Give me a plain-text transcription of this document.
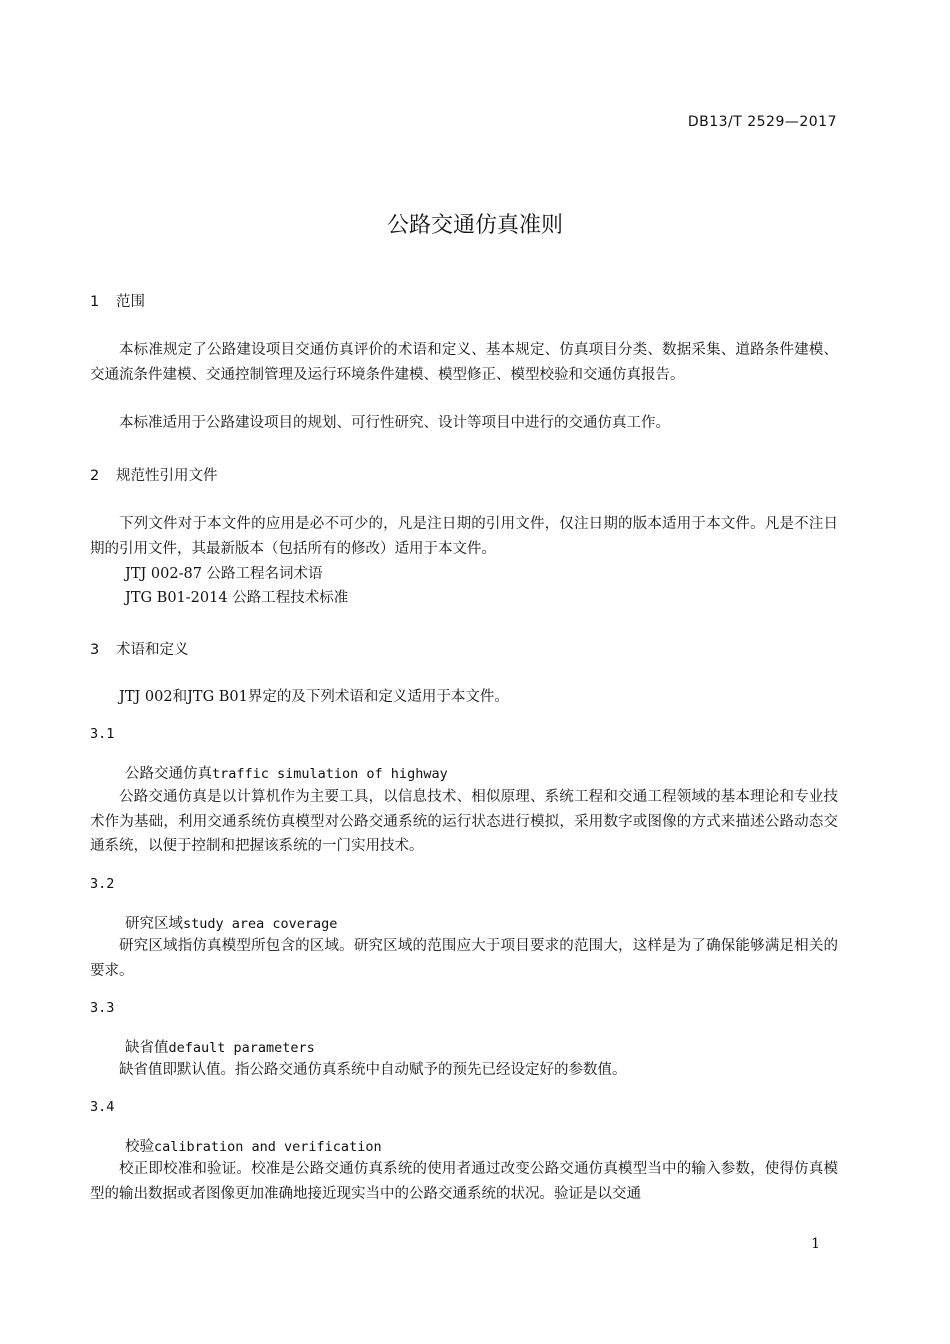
DB13/T 2529—2017
公路交通仿真准则
1 范围

本标准规定了公路建设项目交通仿真评价的术语和定义、基本规定、仿真项目分类、数据采集、道路条件建模、交通流条件建模、交通控制管理及运行环境条件建模、模型修正、模型校验和交通仿真报告。

本标准适用于公路建设项目的规划、可行性研究、设计等项目中进行的交通仿真工作。

2 规范性引用文件

下列文件对于本文件的应用是必不可少的，凡是注日期的引用文件，仅注日期的版本适用于本文件。凡是不注日期的引用文件，其最新版本（包括所有的修改）适用于本文件。

JTJ 002-87 公路工程名词术语
JTG B01-2014 公路工程技术标准
3 术语和定义

JTJ 002和JTG B01界定的及下列术语和定义适用于本文件。

3.1
公路交通仿真traffic simulation of highway

公路交通仿真是以计算机作为主要工具，以信息技术、相似原理、系统工程和交通工程领域的基本理论和专业技术作为基础，利用交通系统仿真模型对公路交通系统的运行状态进行模拟，采用数字或图像的方式来描述公路动态交通系统，以便于控制和把握该系统的一门实用技术。

3.2
研究区域study area coverage

研究区域指仿真模型所包含的区域。研究区域的范围应大于项目要求的范围大，这样是为了确保能够满足相关的要求。

3.3
缺省值default parameters

缺省值即默认值。指公路交通仿真系统中自动赋予的预先已经设定好的参数值。

3.4
校验calibration and verification

校正即校准和验证。校准是公路交通仿真系统的使用者通过改变公路交通仿真模型当中的输入参数，使得仿真模型的输出数据或者图像更加准确地接近现实当中的公路交通系统的状况。验证是以交通

1
